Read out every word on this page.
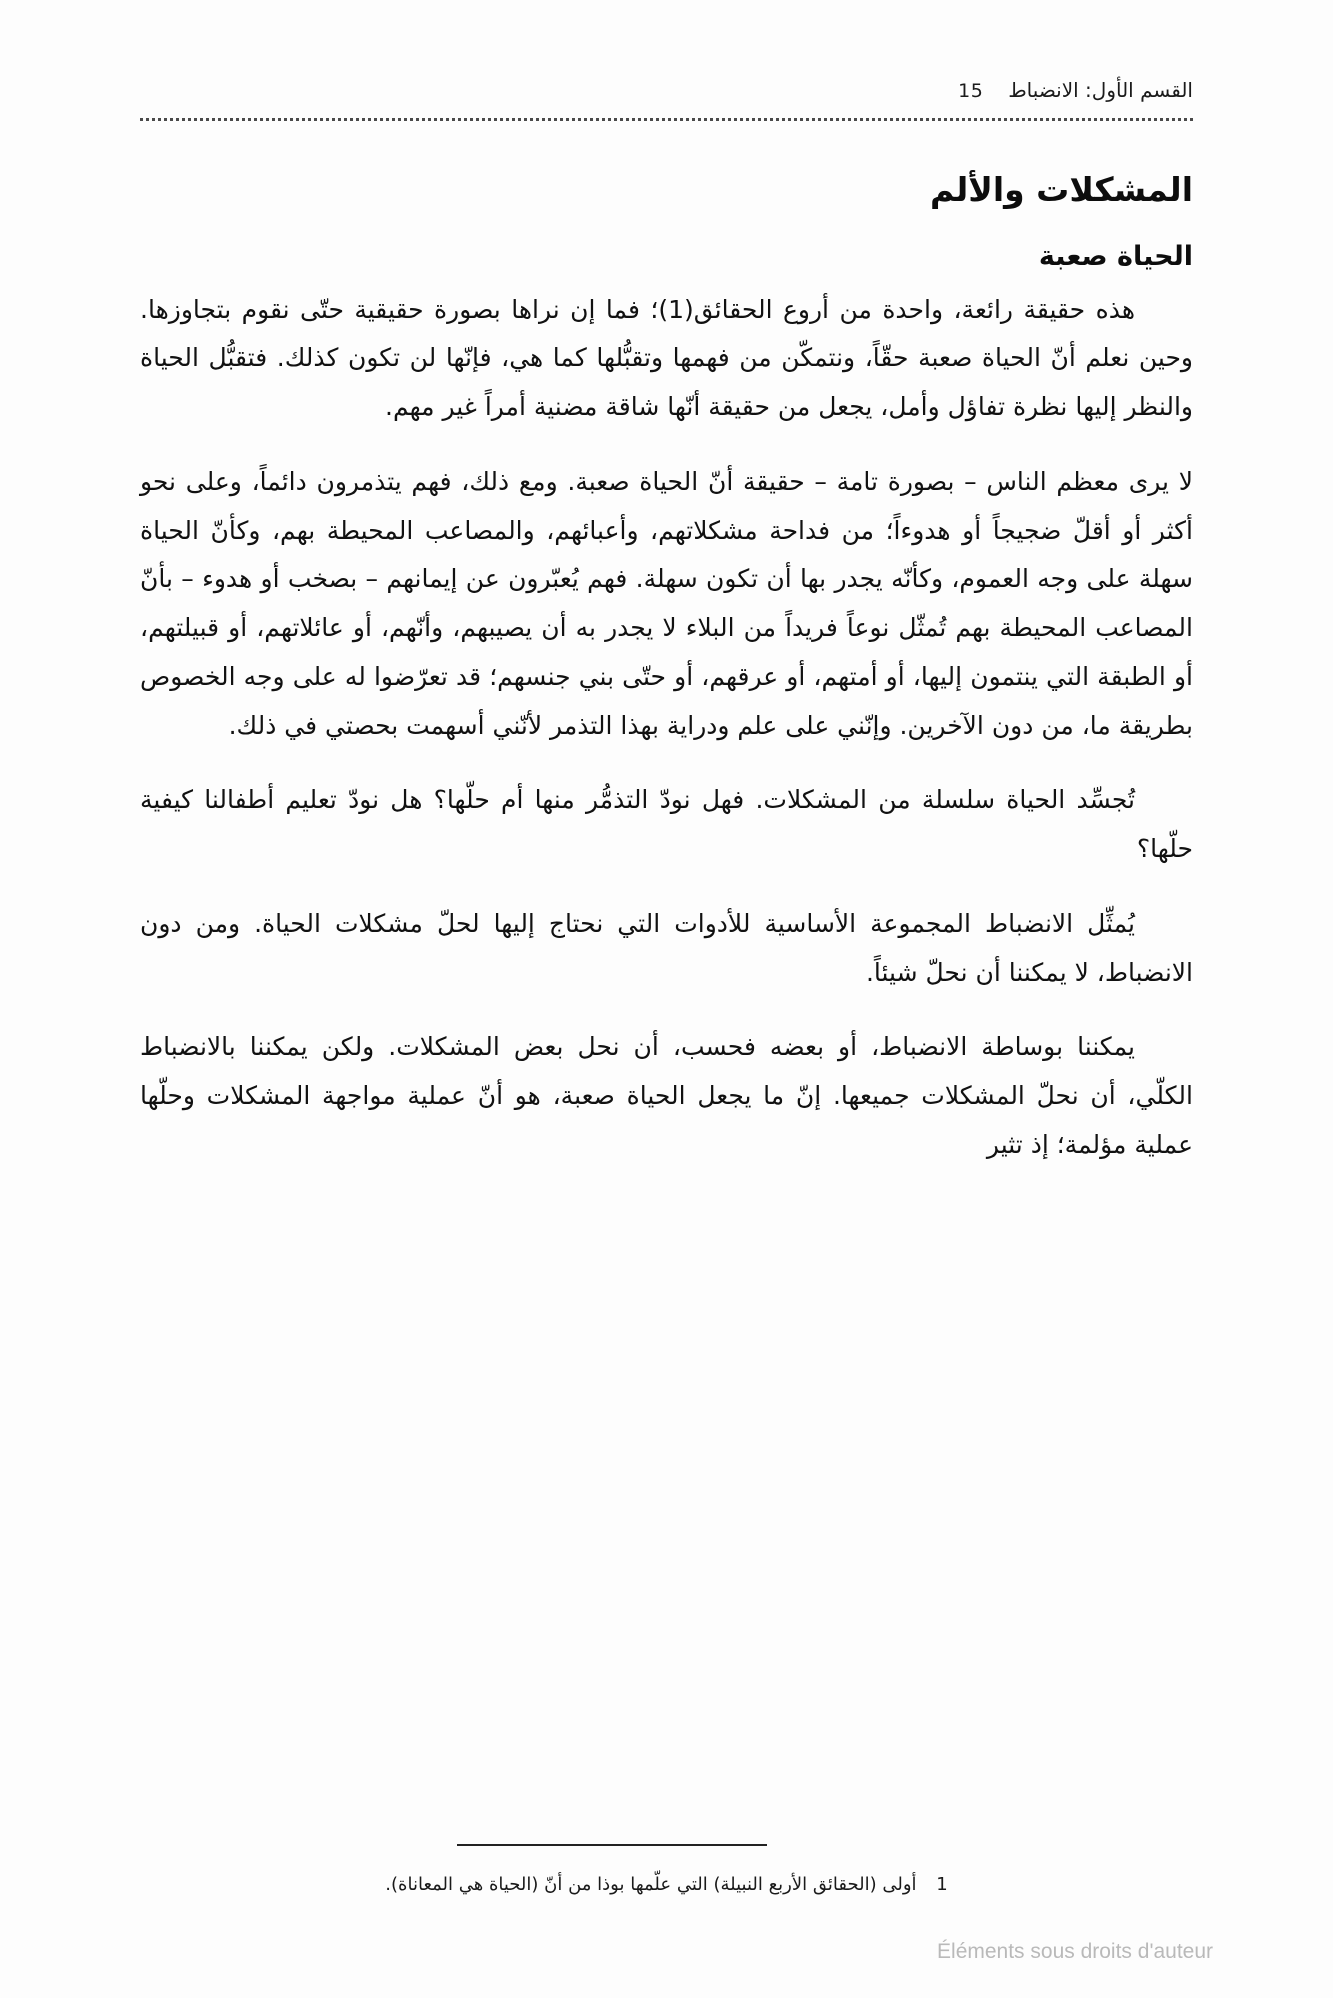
القسم الأول: الانضباط 15
المشكلات والألم
الحياة صعبة

هذه حقيقة رائعة، واحدة من أروع الحقائق(1)؛ فما إن نراها بصورة حقيقية حتّى نقوم بتجاوزها. وحين نعلم أنّ الحياة صعبة حقّاً، ونتمكّن من فهمها وتقبُّلها كما هي، فإنّها لن تكون كذلك. فتقبُّل الحياة والنظر إليها نظرة تفاؤل وأمل، يجعل من حقيقة أنّها شاقة مضنية أمراً غير مهم.

لا يرى معظم الناس – بصورة تامة – حقيقة أنّ الحياة صعبة. ومع ذلك، فهم يتذمرون دائماً، وعلى نحو أكثر أو أقلّ ضجيجاً أو هدوءاً؛ من فداحة مشكلاتهم، وأعبائهم، والمصاعب المحيطة بهم، وكأنّ الحياة سهلة على وجه العموم، وكأنّه يجدر بها أن تكون سهلة. فهم يُعبّرون عن إيمانهم – بصخب أو هدوء – بأنّ المصاعب المحيطة بهم تُمثّل نوعاً فريداً من البلاء لا يجدر به أن يصيبهم، وأنّهم، أو عائلاتهم، أو قبيلتهم، أو الطبقة التي ينتمون إليها، أو أمتهم، أو عرقهم، أو حتّى بني جنسهم؛ قد تعرّضوا له على وجه الخصوص بطريقة ما، من دون الآخرين. وإنّني على علم ودراية بهذا التذمر لأنّني أسهمت بحصتي في ذلك.

تُجسِّد الحياة سلسلة من المشكلات. فهل نودّ التذمُّر منها أم حلّها؟ هل نودّ تعليم أطفالنا كيفية حلّها؟

يُمثِّل الانضباط المجموعة الأساسية للأدوات التي نحتاج إليها لحلّ مشكلات الحياة. ومن دون الانضباط، لا يمكننا أن نحلّ شيئاً.

يمكننا بوساطة الانضباط، أو بعضه فحسب، أن نحل بعض المشكلات. ولكن يمكننا بالانضباط الكلّي، أن نحلّ المشكلات جميعها. إنّ ما يجعل الحياة صعبة، هو أنّ عملية مواجهة المشكلات وحلّها عملية مؤلمة؛ إذ تثير

1 أولى (الحقائق الأربع النبيلة) التي علّمها بوذا من أنّ (الحياة هي المعاناة).
Éléments sous droits d'auteur
